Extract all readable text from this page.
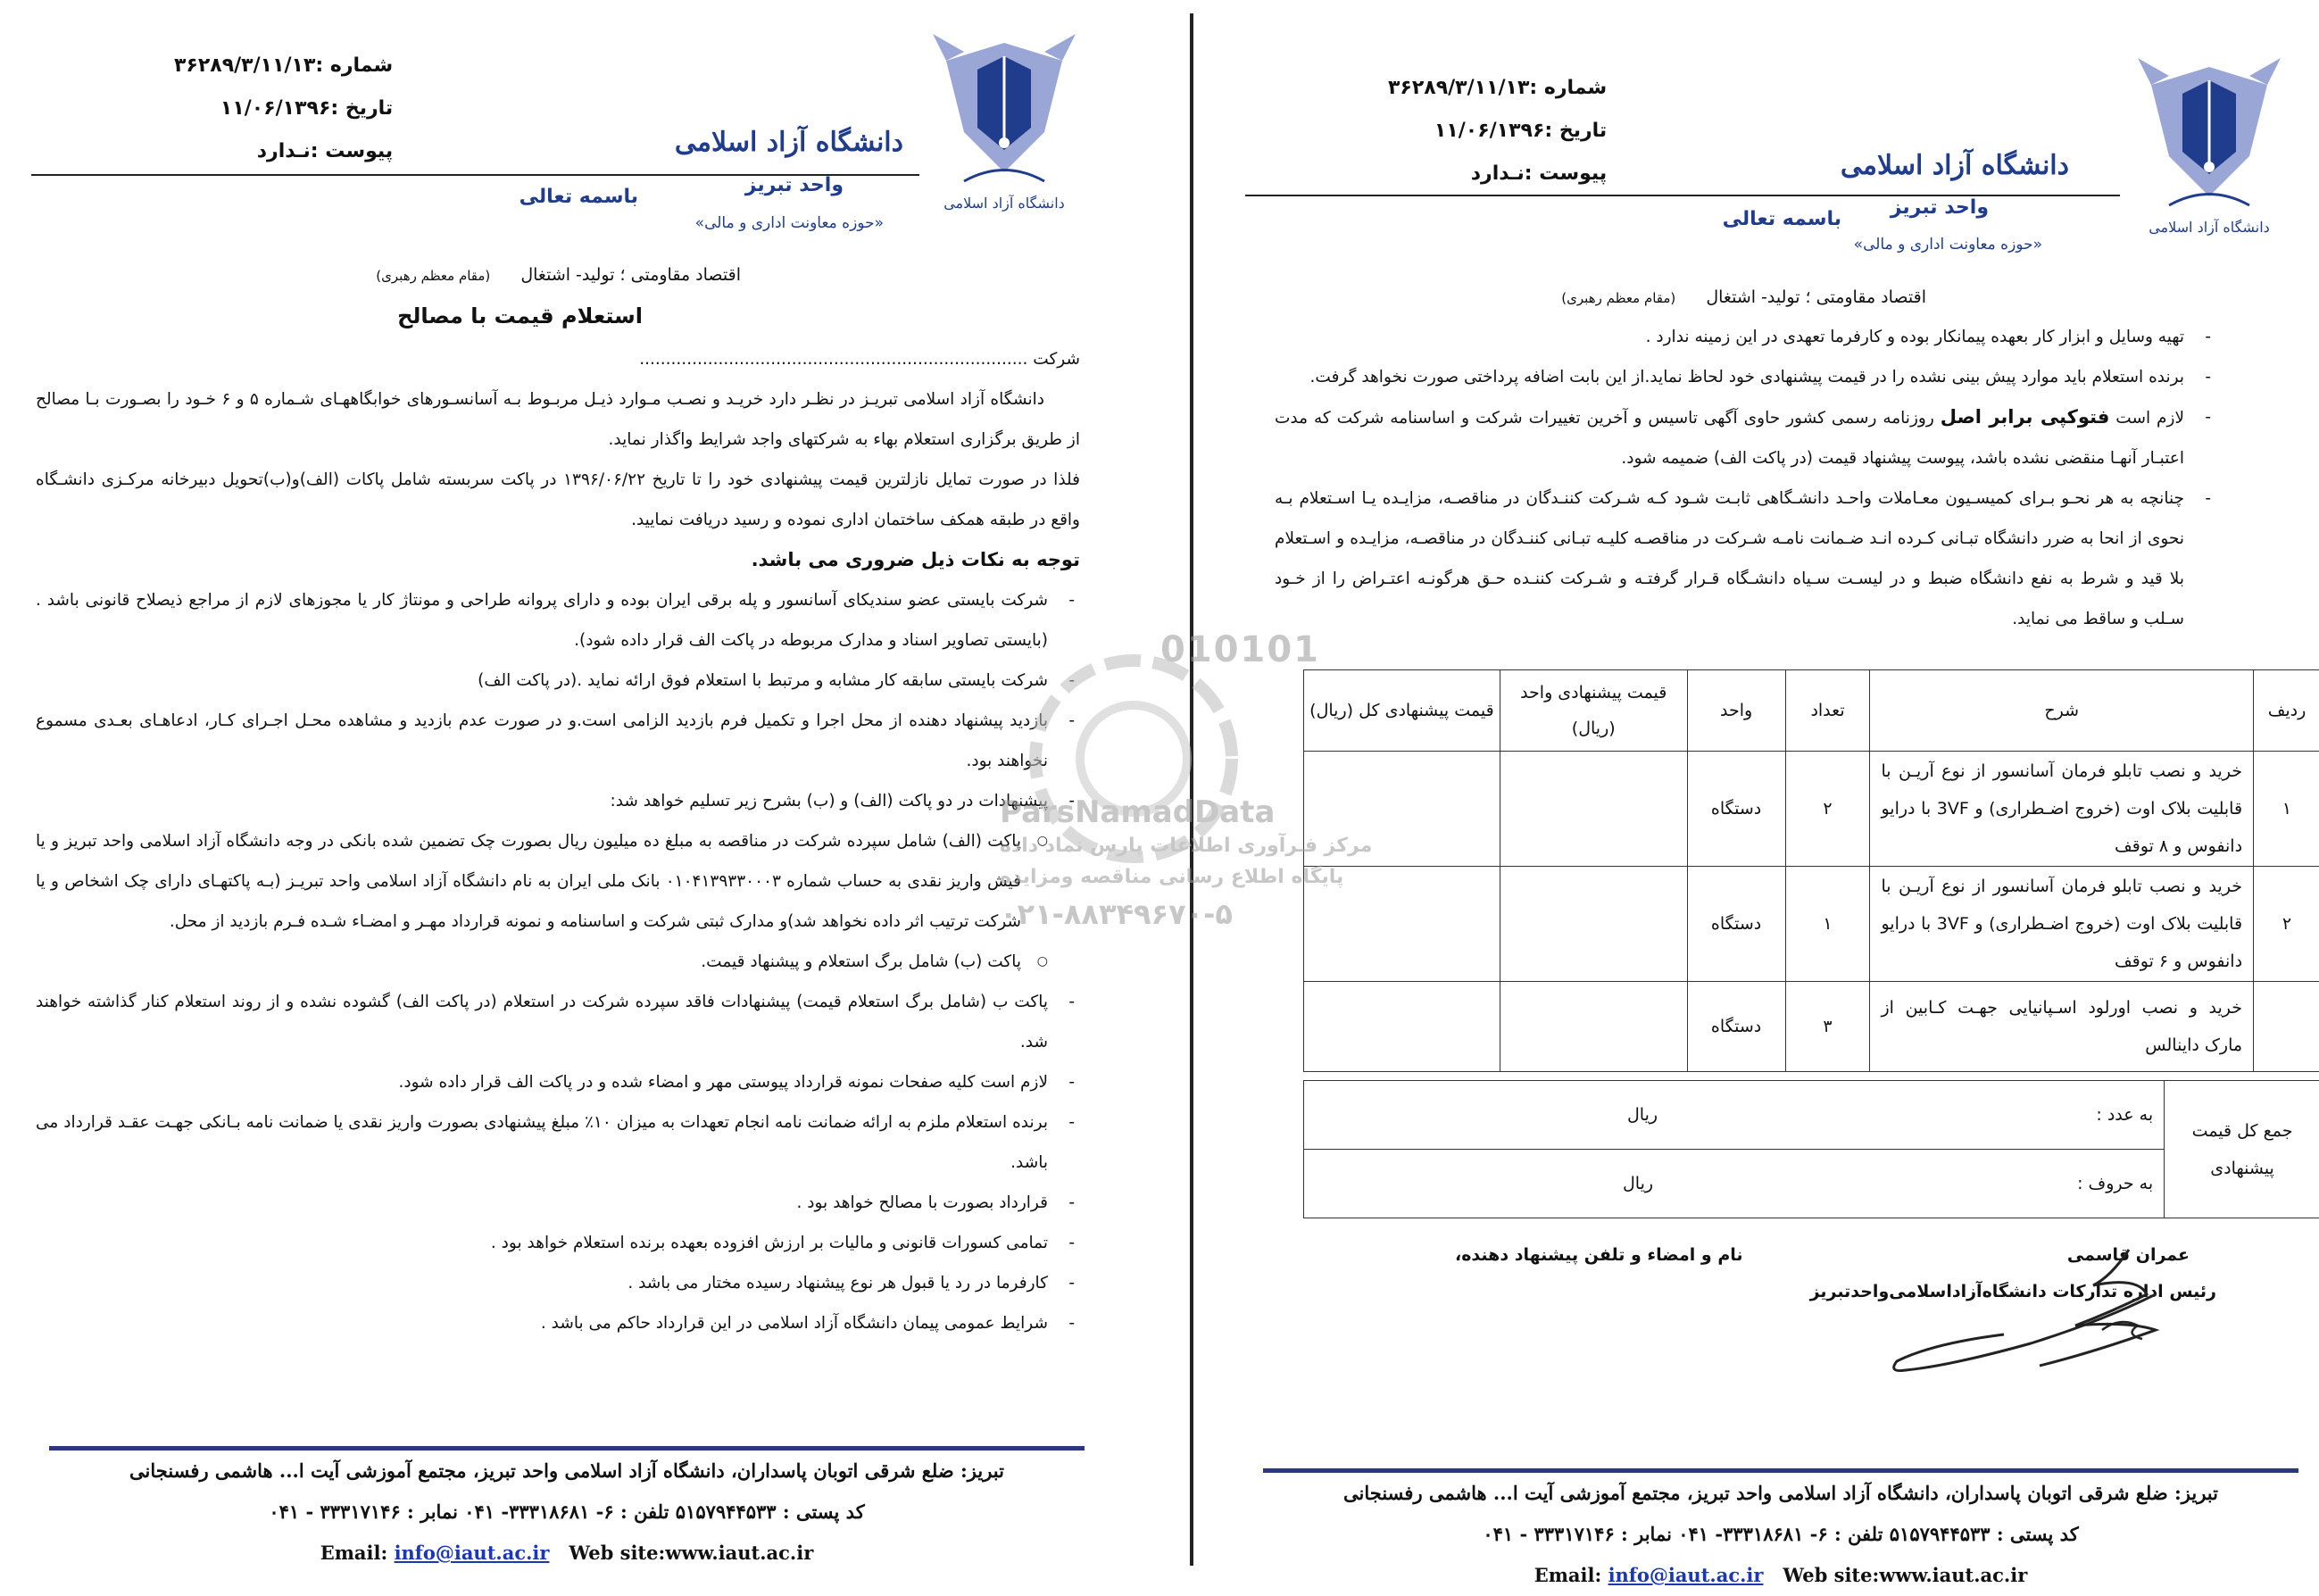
دانشگاه آزاد اسلامی
شماره :۳۶۲۸۹/۳/۱۱/۱۳
تاریخ :۱۱/۰۶/۱۳۹۶
پیوست :نـدارد	دانشگاه آزاد اسلامی
واحد تبریز
«حوزه معاونت اداری و مالی»
باسمه تعالی
اقتصاد مقاومتی ؛ تولید- اشتغال (مقام معظم رهبری)
استعلام قیمت با مصالح

شرکت ..........................................................................

دانشگاه آزاد اسلامی تبریـز در نظـر دارد خریـد و نصـب مـوارد ذیـل مربـوط بـه آسانسـورهای خوابگاههـای شـماره ۵ و ۶ خـود را بصـورت بـا مصالح از طریق برگزاری استعلام بهاء به شرکتهای واجد شرایط واگذار نماید.

فلذا در صورت تمایل نازلترین قیمت پیشنهادی خود را تا تاریخ ۱۳۹۶/۰۶/۲۲ در پاکت سربسته شامل پاکات (الف)و(ب)تحویل دبیرخانه مرکـزی دانشـگاه واقع در طبقه همکف ساختمان اداری نموده و رسید دریافت نمایید.

توجه به نکات ذیل ضروری می باشد.

- شرکت بایستی عضو سندیکای آسانسور و پله برقی ایران بوده و دارای پروانه طراحی و مونتاژ کار یا مجوزهای لازم از مراجع ذیصلاح قانونی باشد . (بایستی تصاویر اسناد و مدارک مربوطه در پاکت الف قرار داده شود).
- شرکت بایستی سابقه کار مشابه و مرتبط با استعلام فوق ارائه نماید .(در پاکت الف)
- بازدید پیشنهاد دهنده از محل اجرا و تکمیل فرم بازدید الزامی است.و در صورت عدم بازدید و مشاهده محـل اجـرای کـار، ادعاهـای بعـدی مسموع نخواهند بود.
- پیشنهادات در دو پاکت (الف) و (ب) بشرح زیر تسلیم خواهد شد:
○ پاکت (الف) شامل سپرده شرکت در مناقصه به مبلغ ده میلیون ریال بصورت چک تضمین شده بانکی در وجه دانشگاه آزاد اسلامی واحد تبریز و یا فیش واریز نقدی به حساب شماره ۰۱۰۴۱۳۹۳۳۰۰۰۳ بانک ملی ایران به نام دانشگاه آزاد اسلامی واحد تبریـز (بـه پاکتهـای دارای چک اشخاص و یا شرکت ترتیب اثر داده نخواهد شد)و مدارک ثبتی شرکت و اساسنامه و نمونه قرارداد مهـر و امضـاء شـده فـرم بازدید از محل.
○ پاکت (ب) شامل برگ استعلام و پیشنهاد قیمت.
- پاکت ب (شامل برگ استعلام قیمت) پیشنهادات فاقد سپرده شرکت در استعلام (در پاکت الف) گشوده نشده و از روند استعلام کنار گذاشته خواهند شد.
- لازم است کلیه صفحات نمونه قرارداد پیوستی مهر و امضاء شده و در پاکت الف قرار داده شود.
- برنده استعلام ملزم به ارائه ضمانت نامه انجام تعهدات به میزان ۱۰٪ مبلغ پیشنهادی بصورت واریز نقدی یا ضمانت نامه بـانکی جهـت عقـد قرارداد می باشد.
- قرارداد بصورت با مصالح خواهد بود .
- تمامی کسورات قانونی و مالیات بر ارزش افزوده بعهده برنده استعلام خواهد بود .
- کارفرما در رد یا قبول هر نوع پیشنهاد رسیده مختار می باشد .
- شرایط عمومی پیمان دانشگاه آزاد اسلامی در این قرارداد حاکم می باشد .
تبریز: ضلع شرقی اتوبان پاسداران، دانشگاه آزاد اسلامی واحد تبریز، مجتمع آموزشی آیت ا... هاشمی رفسنجانی
کد پستی : ۵۱۵۷۹۴۴۵۳۳ تلفن : ۶- ۳۳۳۱۸۶۸۱- ۰۴۱ نمابر : ۳۳۳۱۷۱۴۶ - ۰۴۱
Email: info@iaut.ac.ir Web site:www.iaut.ac.ir
دانشگاه آزاد اسلامی
شماره :۳۶۲۸۹/۳/۱۱/۱۳
تاریخ :۱۱/۰۶/۱۳۹۶
پیوست :نـدارد	دانشگاه آزاد اسلامی
واحد تبریز
«حوزه معاونت اداری و مالی»
باسمه تعالی
اقتصاد مقاومتی ؛ تولید- اشتغال (مقام معظم رهبری)
- تهیه وسایل و ابزار کار بعهده پیمانکار بوده و کارفرما تعهدی در این زمینه ندارد .
- برنده استعلام باید موارد پیش بینی نشده را در قیمت پیشنهادی خود لحاظ نماید.از این بابت اضافه پرداختی صورت نخواهد گرفت.
- لازم است فتوکپی برابر اصل روزنامه رسمی کشور حاوی آگهی تاسیس و آخرین تغییرات شرکت و اساسنامه شرکت که مدت اعتبـار آنهـا منقضی نشده باشد، پیوست پیشنهاد قیمت (در پاکت الف) ضمیمه شود.
- چنانچه به هر نحـو بـرای کمیسـیون معـاملات واحـد دانشـگاهی ثابـت شـود کـه شـرکت کننـدگان در مناقصـه، مزایـده یـا اسـتعلام بـه نحوی از انحا به ضرر دانشگاه تبـانی کـرده انـد ضـمانت نامـه شـرکت در مناقصـه کلیـه تبـانی کننـدگان در مناقصـه، مزایـده و اسـتعلام بلا قید و شرط به نفع دانشگاه ضبط و در لیسـت سـیاه دانشـگاه قـرار گرفتـه و شـرکت کننـده حـق هرگونـه اعتـراض را از خـود سـلب و ساقط می نماید.
ردیف	شرح	تعداد	واحد	قیمت پیشنهادی واحد (ریال)	قیمت پیشنهادی کل (ریال)
۱	خرید و نصب تابلو فرمان آسانسور از نوع آریـن با قابلیت بلاک اوت (خروج اضـطراری) و 3VF با درایو دانفوس و ۸ توقف	۲	دستگاه		
۲	خرید و نصب تابلو فرمان آسانسور از نوع آریـن با قابلیت بلاک اوت (خروج اضـطراری) و 3VF با درایو دانفوس و ۶ توقف	۱	دستگاه		
	خرید و نصب اورلود اسـپانیایی جهـت کـابین از مارک داینالس	۳	دستگاه		
جمع کل قیمت پیشنهادی	به عدد :
ریال

به حروف :
ریال
نام و امضاء و تلفن پیشنهاد دهنده،	عمران قاسمی
رئیس اداره تدارکات دانشگاه‌آزاداسلامی‌واحدتبریز
تبریز: ضلع شرقی اتوبان پاسداران، دانشگاه آزاد اسلامی واحد تبریز، مجتمع آموزشی آیت ا... هاشمی رفسنجانی
کد پستی : ۵۱۵۷۹۴۴۵۳۳ تلفن : ۶- ۳۳۳۱۸۶۸۱- ۰۴۱ نمابر : ۳۳۳۱۷۱۴۶ - ۰۴۱
Email: info@iaut.ac.ir Web site:www.iaut.ac.ir
010101
ParsNamadData
مرکز فـرآوری اطلاعات پارس نماد داده
پایگاه اطلاع رسانی مناقصه ومزایده
۰۲۱-۸۸۳۴۹۶۷۰-۵
